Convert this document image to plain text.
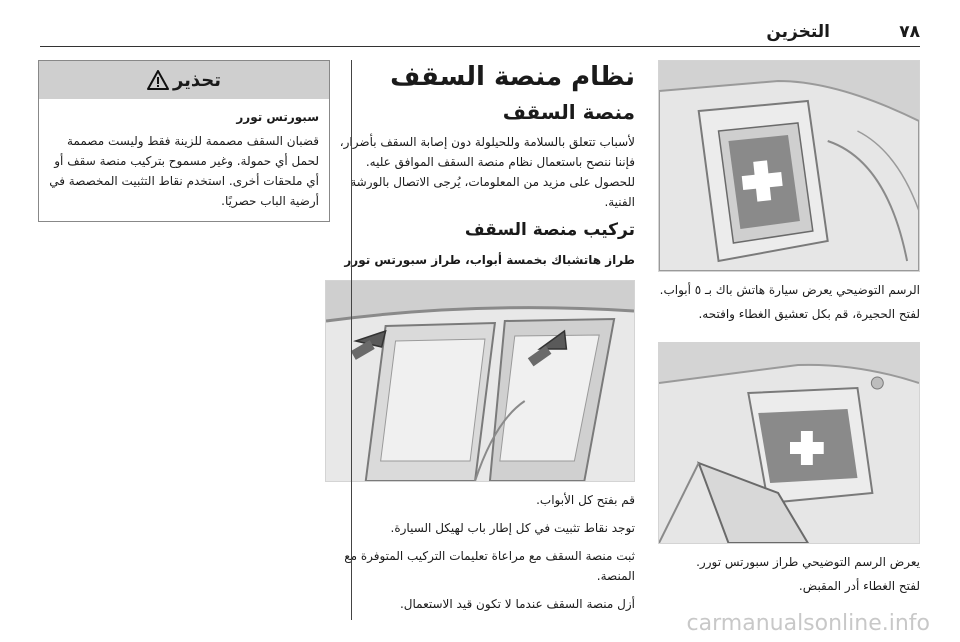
٧٨
التخزين

الرسم التوضيحي يعرض سيارة هاتش باك بـ ٥ أبواب.

لفتح الحجيرة، قم بكل تعشيق الغطاء وافتحه.

يعرض الرسم التوضيحي طراز سبورتس تورر.

لفتح الغطاء أدر المقبض.

نظام منصة السقف
منصة السقف

لأسباب تتعلق بالسلامة وللحيلولة دون إصابة السقف بأضرار، فإننا ننصح باستعمال نظام منصة السقف الموافق عليه. للحصول على مزيد من المعلومات، يُرجى الاتصال بالورشة الفنية.

تركيب منصة السقف

طراز هاتشباك بخمسة أبواب، طراز سبورتس تورر

قم بفتح كل الأبواب.

توجد نقاط تثبيت في كل إطار باب لهيكل السيارة.

ثبت منصة السقف مع مراعاة تعليمات التركيب المتوفرة مع المنصة.

أزل منصة السقف عندما لا تكون قيد الاستعمال.

تحذير

سبورتس تورر

قضبان السقف مصممة للزينة فقط وليست مصممة لحمل أي حمولة. وغير مسموح بتركيب منصة سقف أو أي ملحقات أخرى. استخدم نقاط التثبيت المخصصة في أرضية الباب حصريًا.

carmanualsonline.info
